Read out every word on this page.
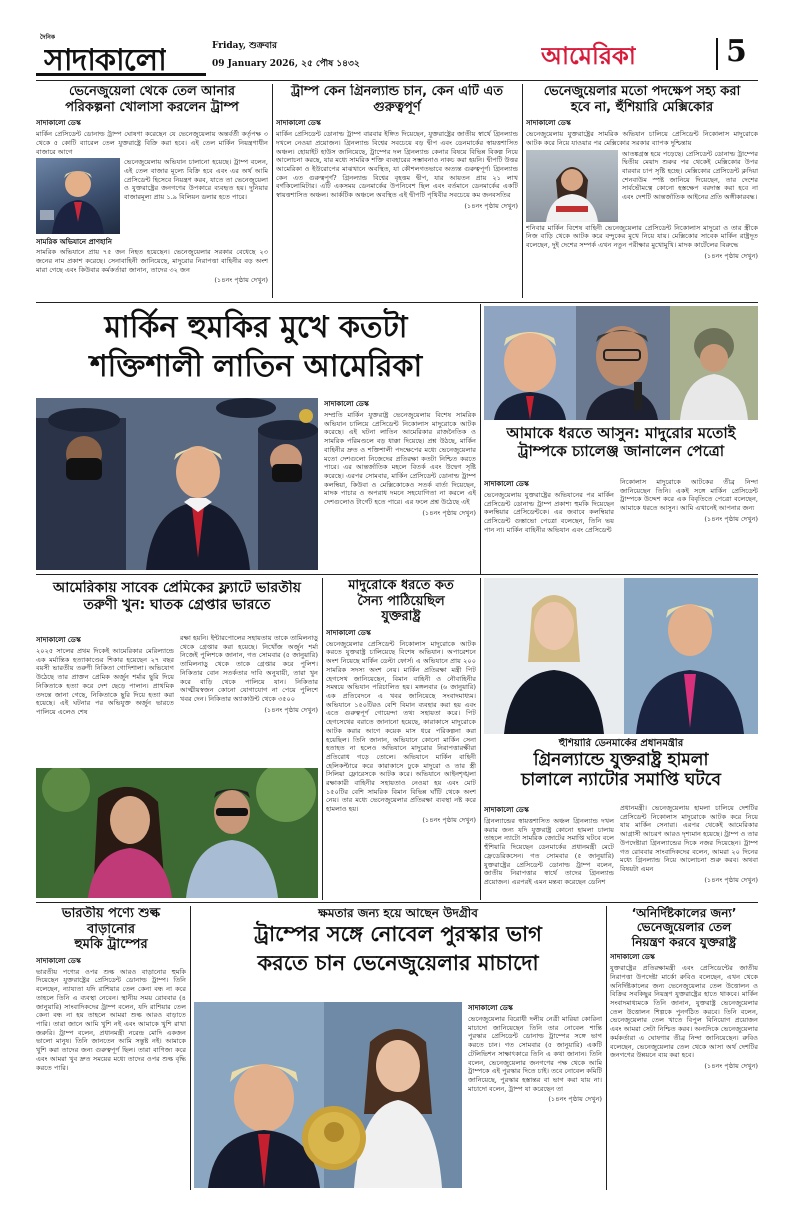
দৈনিক
সাদাকালো	Friday, শুক্রবার
09 January 2026, ২৫ পৌষ ১৪৩২	আমেরিকা	5
ভেনেজুয়েলা থেকে তেল আনার পরিকল্পনা খোলাসা করলেন ট্রাম্প
সাদাকালো ডেস্ক
মার্কিন প্রেসিডেন্ট ডোনাল্ড ট্রাম্প ঘোষণা করেছেন যে ভেনেজুয়েলায় অন্তর্বর্তী কর্তৃপক্ষ ৩ থেকে ৫ কোটি ব্যারেল তেল যুক্তরাষ্ট্রে বিক্রি করা হবে। এই তেল মার্কিন নিয়ন্ত্রণাধীন বাজারে আগে
ভেনেজুয়েলায় অভিযান চালানো হয়েছে। ট্রাম্প বলেন, এই তেল বাজার মূল্যে বিক্রি হবে এবং এর অর্থ আমি প্রেসিডেন্ট হিসেবে নিয়ন্ত্রণ করব, যাতে তা ভেনেজুয়েলা ও যুক্তরাষ্ট্রের জনগণের উপকারে ব্যবহৃত হয়। দুনিয়ার বাজারমূল্য প্রায় ১.৯ বিলিয়ন ডলার হতে পারে।
সামরিক অভিযানে প্রাণহানি
সামরিক অভিযানে প্রায় ৭৫ জন নিহত হয়েছেন। ভেনেজুয়েলার সরকার বেধেছে ২৩ জনের নাম প্রকাশ করেছে। সেনাবাহিনী জানিয়েছে, মাদুরোর নিরাপত্তা বাহিনীর বড় অংশ মারা গেছে এবং কিউবার কর্মকর্তারা জানান, তাদের ৩২ জন
(১৪নং পৃষ্ঠায় দেখুন)
ট্রাম্প কেন গ্রিনল্যান্ড চান, কেন এটি এত গুরুত্বপূর্ণ
সাদাকালো ডেস্ক
মার্কিন প্রেসিডেন্ট ডোনাল্ড ট্রাম্প বারবার ইঙ্গিত দিয়েছেন, যুক্তরাষ্ট্রের জাতীয় স্বার্থে গ্রিনল্যান্ড দখলে নেওয়া প্রয়োজন। গ্রিনল্যান্ড বিশ্বের সবচেয়ে বড় দ্বীপ এবং ডেনমার্কের স্বায়ত্তশাসিত অঞ্চল। হোয়াইট হাউস জানিয়েছে, ট্রাম্পের দল গ্রিনল্যান্ড কেনার বিষয়ে বিভিন্ন বিকল্প নিয়ে আলোচনা করছে, যার মধ্যে সামরিক শক্তি ব্যবহারের সম্ভাবনাও নাকচ করা হয়নি। দ্বীপটি উত্তর আমেরিকা ও ইউরোপের মাঝখানে অবস্থিত, যা কৌশলগতভাবে অত্যন্ত গুরুত্বপূর্ণ। গ্রিনল্যান্ড কেন এত গুরুত্বপূর্ণ? গ্রিনল্যান্ড বিশ্বের বৃহত্তম দ্বীপ, যার আয়তন প্রায় ২১ লাখ বর্গকিলোমিটার। এটি একসময় ডেনমার্কের উপনিবেশ ছিল এবং বর্তমানে ডেনমার্কের একটি স্বায়ত্তশাসিত অঞ্চল। আর্কটিক অঞ্চলে অবস্থিত এই দ্বীপটি পৃথিবীর সবচেয়ে কম জনবসতির
(১৪নং পৃষ্ঠায় দেখুন)
ভেনেজুয়েলার মতো পদক্ষেপ সহ্য করা হবে না, হুঁশিয়ারি মেক্সিকোর
সাদাকালো ডেস্ক
ভেনেজুয়েলায় যুক্তরাষ্ট্রের সামরিক অভিযান চালিয়ে প্রেসিডেন্ট নিকোলাস মাদুরোকে আটক করে নিয়ে যাওয়ার পর মেক্সিকোর সরকার ব্যাপক দুশ্চিন্তায়
আতঙ্কগ্রস্ত হয়ে পড়েছে। প্রেসিডেন্ট ডোনাল্ড ট্রাম্পের দ্বিতীয় মেয়াদ শুরুর পর থেকেই মেক্সিকোর উপর বারবার চাপ সৃষ্টি হচ্ছে। মেক্সিকোর প্রেসিডেন্ট ক্লদিয়া শেনবাউম স্পষ্ট জানিয়ে দিয়েছেন, তার দেশের সার্বভৌমত্বে কোনো হস্তক্ষেপ বরদাস্ত করা হবে না এবং দেশটি আন্তর্জাতিক আইনের প্রতি অঙ্গীকারবদ্ধ।
শনিবার মার্কিন বিশেষ বাহিনী ভেনেজুয়েলার প্রেসিডেন্ট নিকোলাস মাদুরো ও তার স্ত্রীকে নিজ বাড়ি থেকে আটক করে বন্দুকের মুখে নিয়ে যায়। মেক্সিকোর সাবেক মার্কিন রাষ্ট্রদূত বলেছেন, দুই দেশের সম্পর্ক এখন নতুন পরীক্ষার মুখোমুখি। মাদক কার্টেলের বিরুদ্ধে
(১৪নং পৃষ্ঠায় দেখুন)
মার্কিন হুমকির মুখে কতটা
শক্তিশালী লাতিন আমেরিকা
সাদাকালো ডেস্ক
সম্প্রতি মার্কিন যুক্তরাষ্ট্র ভেনেজুয়েলায় বিশেষ সামরিক অভিযান চালিয়ে প্রেসিডেন্ট নিকোলাস মাদুরোকে আটক করেছে। এই ঘটনা লাতিন আমেরিকার রাজনৈতিক ও সামরিক পরিমণ্ডলে বড় ধাক্কা দিয়েছে। প্রশ্ন উঠছে, মার্কিন বাহিনীর দ্রুত ও শক্তিশালী পদক্ষেপের মধ্যে ভেনেজুয়েলার মতো দেশগুলো নিজেদের প্রতিরক্ষা কতটা নিশ্চিত করতে পারে। এর আন্তর্জাতিক মহলে বিতর্ক এবং উদ্বেগ সৃষ্টি করেছে। এরপর সোমবার, মার্কিন প্রেসিডেন্ট ডোনাল্ড ট্রাম্প কলম্বিয়া, কিউবা ও মেক্সিকোকেও সতর্ক বার্তা দিয়েছেন, মাদক পাচার ও অপরাধ দমনে সহযোগিতা না করলে এই দেশগুলোও টার্গেট হতে পারে। এর ফলে প্রশ্ন উঠেছে এই
(১৪নং পৃষ্ঠায় দেখুন)
আমাকে ধরতে আসুন: মাদুরোর মতোই
ট্রাম্পকে চ্যালেঞ্জ জানালেন পেত্রো
সাদাকালো ডেস্ক
ভেনেজুয়েলায় যুক্তরাষ্ট্রের অভিযানের পর মার্কিন প্রেসিডেন্ট ডোনাল্ড ট্রাম্প প্রকাশ্য হুমকি দিয়েছেন কলম্বিয়ার প্রেসিডেন্টকে। এর জবাবে কলম্বিয়ার প্রেসিডেন্ট গুস্তাভো পেত্রো বলেছেন, তিনি ভয় পান না। মার্কিন বাহিনীর অভিযান এবং প্রেসিডেন্ট
নিকোলাস মাদুরোকে আটকের তীব্র নিন্দা জানিয়েছেন তিনি। একই সঙ্গে মার্কিন প্রেসিডেন্ট ট্রাম্পকে উদ্দেশ করে এক বিবৃতিতে পেত্রো বলেছেন, আমাকে ধরতে আসুন। আমি এখানেই আপনার জন্য
(১৪নং পৃষ্ঠায় দেখুন)
আমেরিকায় সাবেক প্রেমিকের ফ্ল্যাটে ভারতীয়
তরুণী খুন: ঘাতক গ্রেপ্তার ভারতে
সাদাকালো ডেস্ক
২০২৫ সালের প্রথম দিকেই আমেরিকার মেরিল্যান্ডে এক মর্মান্তিক হত্যাকাণ্ডের শিকার হয়েছেন ২৭ বছর বয়সী ভারতীয় তরুণী নিকিতা গোদিশালা। অভিযোগ উঠেছে তার প্রাক্তন প্রেমিক অর্জুন শর্মার ছুরি দিয়ে নিকিতাকে হত্যা করে দেশ ছেড়ে পালান। প্রাথমিক তদন্তে জানা গেছে, নিকিতাকে ছুরি দিয়ে হত্যা করা হয়েছে। এই ঘটনার পর অভিযুক্ত অর্জুন ভারতে পালিয়ে এলেও শেষ
রক্ষা হয়নি। ইন্টারপোলের সহায়তায় তাকে তামিলনাড়ু থেকে গ্রেপ্তার করা হয়েছে। নিখোঁজ অর্জুন শর্মা নিজেই পুলিশকে জানান, গত সোমবার (৫ জানুয়ারি) তামিলনাড়ু থেকে তাকে গ্রেপ্তার করে পুলিশ। নিকিতার বোন সতর্কতার দাবি অনুযায়ী, তারা খুন করে বাড়ি থেকে পালিয়ে যান। নিকিতার আত্মীয়স্বজন কোনো যোগাযোগ না পেয়ে পুলিশে খবর দেন। নিকিতার অ্যাকাউন্ট থেকে ৩৫০০
(১৪নং পৃষ্ঠায় দেখুন)
মাদুরোকে ধরতে কত
সৈন্য পাঠিয়েছিল
যুক্তরাষ্ট্র
সাদাকালো ডেস্ক
ভেনেজুয়েলার প্রেসিডেন্ট নিকোলাস মাদুরোকে আটক করতে যুক্তরাষ্ট্র চালিয়েছে বিশেষ অভিযান। অপারেশনে অংশ নিয়েছে মার্কিন ডেল্টা ফোর্স। এ অভিযানে প্রায় ২০০ সামরিক সদস্য অংশ নেয়। মার্কিন প্রতিরক্ষা মন্ত্রী পিট হেগসেথ জানিয়েছেন, বিমান বাহিনী ও নৌবাহিনীর সমন্বয়ে অভিযান পরিচালিত হয়। মঙ্গলবার (৬ জানুয়ারি) এক প্রতিবেদনে এ খবর জানিয়েছে সংবাদমাধ্যম। অভিযানে ১৫০টিরও বেশি বিমান ব্যবহার করা হয় এবং এতে গুরুত্বপূর্ণ গোয়েন্দা তথ্য সহায়তা করে। পিট হেগসেথের বরাতে জানানো হয়েছে, কারাকাসে মাদুরোকে আটক করার আগে কয়েক মাস ধরে পরিকল্পনা করা হয়েছিল। তিনি জানান, অভিযানে কোনো মার্কিন সেনা হতাহত না হলেও অভিযানে মাদুরোর নিরাপত্তারক্ষীরা প্রতিরোধ গড়ে তোলে। অভিযানে মার্কিন বাহিনী হেলিকপ্টারে করে কারাকাসে ঢুকে মাদুরো ও তার স্ত্রী সিলিয়া ফ্লোরেসকে আটক করে। অভিযানে আইনশৃঙ্খলা রক্ষাকারী বাহিনীর সহায়তাও নেওয়া হয় এবং মোট ১৫০টির বেশি সামরিক বিমান বিভিন্ন ঘাঁটি থেকে অংশ নেয়। তার মধ্যে ভেনেজুয়েলার প্রতিরক্ষা ব্যবস্থা নষ্ট করে হামলাও হয়।
(১৪নং পৃষ্ঠায় দেখুন)
হুঁশিয়ারি ডেনমার্কের প্রধানমন্ত্রীর
গ্রিনল্যান্ডে যুক্তরাষ্ট্র হামলা
চালালে ন্যাটোর সমাপ্তি ঘটবে
সাদাকালো ডেস্ক
গ্রিনল্যান্ডের স্বায়ত্তশাসিত অঞ্চল গ্রিনল্যান্ড দখল করার জন্য যদি যুক্তরাষ্ট্র কোনো হামলা চালায় তাহলে ন্যাটো সামরিক জোটের সমাপ্তি ঘটবে বলে হুঁশিয়ারি দিয়েছেন ডেনমার্কের প্রধানমন্ত্রী মেটে ফ্রেডেরিকসেন। গত সোমবার (৫ জানুয়ারি) যুক্তরাষ্ট্রের প্রেসিডেন্ট ডোনাল্ড ট্রাম্প বলেন, জাতীয় নিরাপত্তার স্বার্থে তাদের গ্রিনল্যান্ড প্রয়োজন। এরপরই এমন মন্তব্য করেছেন ডেনিশ
প্রধানমন্ত্রী। ভেনেজুয়েলায় হামলা চালিয়ে দেশটির প্রেসিডেন্ট নিকোলাস মাদুরোকে আটক করে নিয়ে যায় মার্কিন সেনারা। এরপর থেকেই আমেরিকার আগ্রাসী আচরণ আরও দৃশ্যমান হয়েছে। ট্রাম্প ও তার উপদেষ্টারা গ্রিনল্যান্ডের দিকে নজর দিয়েছেন। ট্রাম্প গত রোববার সাংবাদিকদের বলেন, আমরা ২০ দিনের মধ্যে গ্রিনল্যান্ড নিয়ে আলোচনা শুরু করব। অথবা বিষয়টা এমন
(১৪নং পৃষ্ঠায় দেখুন)
ভারতীয় পণ্যে শুল্ক
বাড়ানোর
হুমকি ট্রাম্পের
সাদাকালো ডেস্ক
ভারতীয় পণ্যের ওপর শুল্ক আরও বাড়ানোর হুমকি দিয়েছেন যুক্তরাষ্ট্রের প্রেসিডেন্ট ডোনাল্ড ট্রাম্প। তিনি বলেছেন, ন্যায্যতা যদি রাশিয়ার তেল কেনা বন্ধ না করে তাহলে তিনি এ ব্যবস্থা নেবেন। স্থানীয় সময় রোববার (৪ জানুয়ারি) সাংবাদিকদের ট্রাম্প বলেন, যদি রাশিয়ার তেল কেনা বন্ধ না হয় তাহলে আমরা শুল্ক আরও বাড়াতে পারি। তারা জানে আমি খুশি নই এবং আমাকে খুশি রাখা জরুরি। ট্রাম্প বলেন, প্রধানমন্ত্রী নরেন্দ্র মোদি একজন ভালো মানুষ। তিনি জানতেন আমি সন্তুষ্ট নই। আমাকে খুশি করা তাদের জন্য গুরুত্বপূর্ণ ছিল। তারা বাণিজ্য করে এবং আমরা খুব দ্রুত সময়ের মধ্যে তাদের ওপর শুল্ক বৃদ্ধি করতে পারি।
ক্ষমতার জন্য হয়ে আছেন উদগ্রীব
ট্রাম্পের সঙ্গে নোবেল পুরস্কার ভাগ
করতে চান ভেনেজুয়েলার মাচাদো
সাদাকালো ডেস্ক
ভেনেজুয়েলার বিরোধী দলীয় নেত্রী মারিয়া কোরিনা মাচাদো জানিয়েছেন তিনি তার নোবেল শান্তি পুরস্কার প্রেসিডেন্ট ডোনাল্ড ট্রাম্পের সঙ্গে ভাগ করতে চান। গত সোমবার (৫ জানুয়ারি) একটি টেলিভিশন সাক্ষাৎকারে তিনি এ কথা জানান। তিনি বলেন, ভেনেজুয়েলার জনগণের পক্ষ থেকে আমি ট্রাম্পকে এই পুরস্কার দিতে চাই। তবে নোবেল কমিটি জানিয়েছে, পুরস্কার হস্তান্তর বা ভাগ করা যায় না। মাচাদো বলেন, ট্রাম্প যা করেছেন তা
(১৪নং পৃষ্ঠায় দেখুন)
‘অনির্দিষ্টকালের জন্য’
ভেনেজুয়েলার তেল
নিয়ন্ত্রণ করবে যুক্তরাষ্ট্র
সাদাকালো ডেস্ক
যুক্তরাষ্ট্রের প্রতিরক্ষামন্ত্রী এবং প্রেসিডেন্টের জাতীয় নিরাপত্তা উপদেষ্টা মার্কো রুবিও বলেছেন, এখন থেকে অনির্দিষ্টকালের জন্য ভেনেজুয়েলার তেল উত্তোলন ও বিক্রির সবকিছুর নিয়ন্ত্রণ যুক্তরাষ্ট্রের হাতে থাকবে। মার্কিন সংবাদমাধ্যমকে তিনি জানান, যুক্তরাষ্ট্র ভেনেজুয়েলার তেল উত্তোলন শিল্পকে পুনর্গঠিত করবে। তিনি বলেন, ভেনেজুয়েলার তেল খাতে বিপুল বিনিয়োগ প্রয়োজন এবং আমরা সেটা নিশ্চিত করব। অন্যদিকে ভেনেজুয়েলার কর্মকর্তারা এ ঘোষণার তীব্র নিন্দা জানিয়েছেন। রুবিও বলেছেন, ভেনেজুয়েলার তেল থেকে আসা অর্থ দেশটির জনগণের উন্নয়নে ব্যয় করা হবে।
(১৪নং পৃষ্ঠায় দেখুন)
